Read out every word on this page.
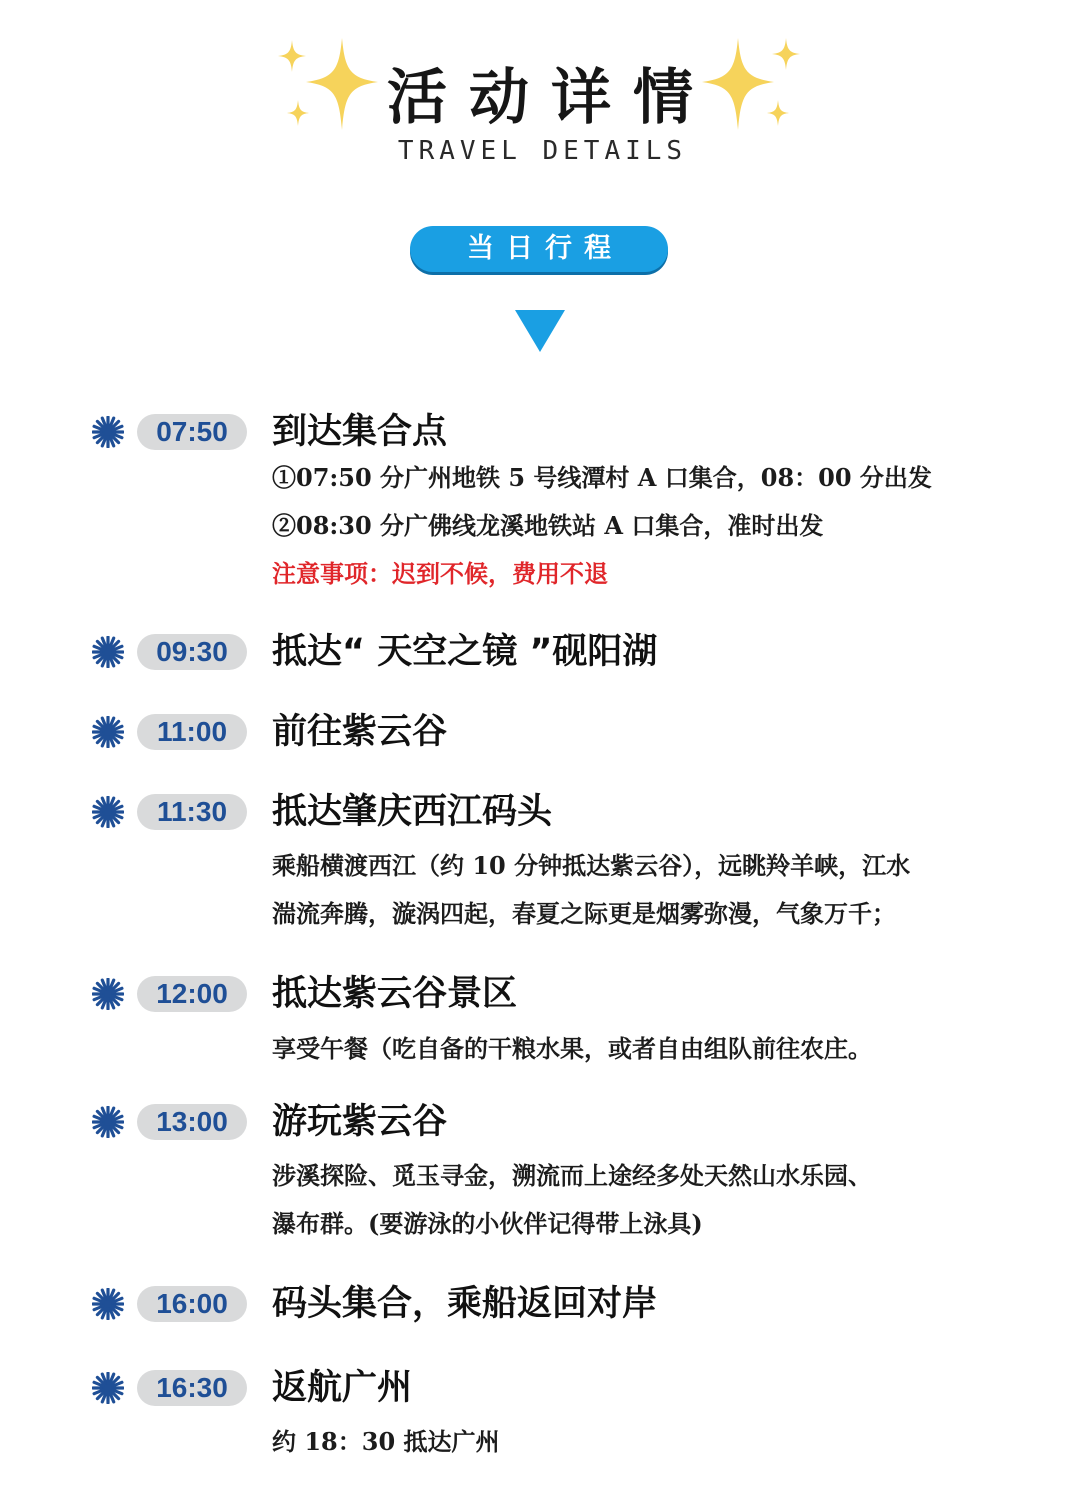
活动详情
TRAVEL DETAILS
当日行程
07:50	到达集合点
①07:50 分广州地铁 5 号线潭村 A 口集合，08：00 分出发
②08:30 分广佛线龙溪地铁站 A 口集合，准时出发
注意事项：迟到不候，费用不退
09:30	抵达“ 天空之镜 ”砚阳湖
11:00	前往紫云谷
11:30	抵达肇庆西江码头
乘船横渡西江（约 10 分钟抵达紫云谷），远眺羚羊峡，江水
湍流奔腾，漩涡四起，春夏之际更是烟雾弥漫，气象万千；
12:00	抵达紫云谷景区
享受午餐（吃自备的干粮水果，或者自由组队前往农庄。
13:00	游玩紫云谷
涉溪探险、觅玉寻金，溯流而上途经多处天然山水乐园、
瀑布群。(要游泳的小伙伴记得带上泳具)
16:00	码头集合，乘船返回对岸
16:30	返航广州
约 18：30 抵达广州
